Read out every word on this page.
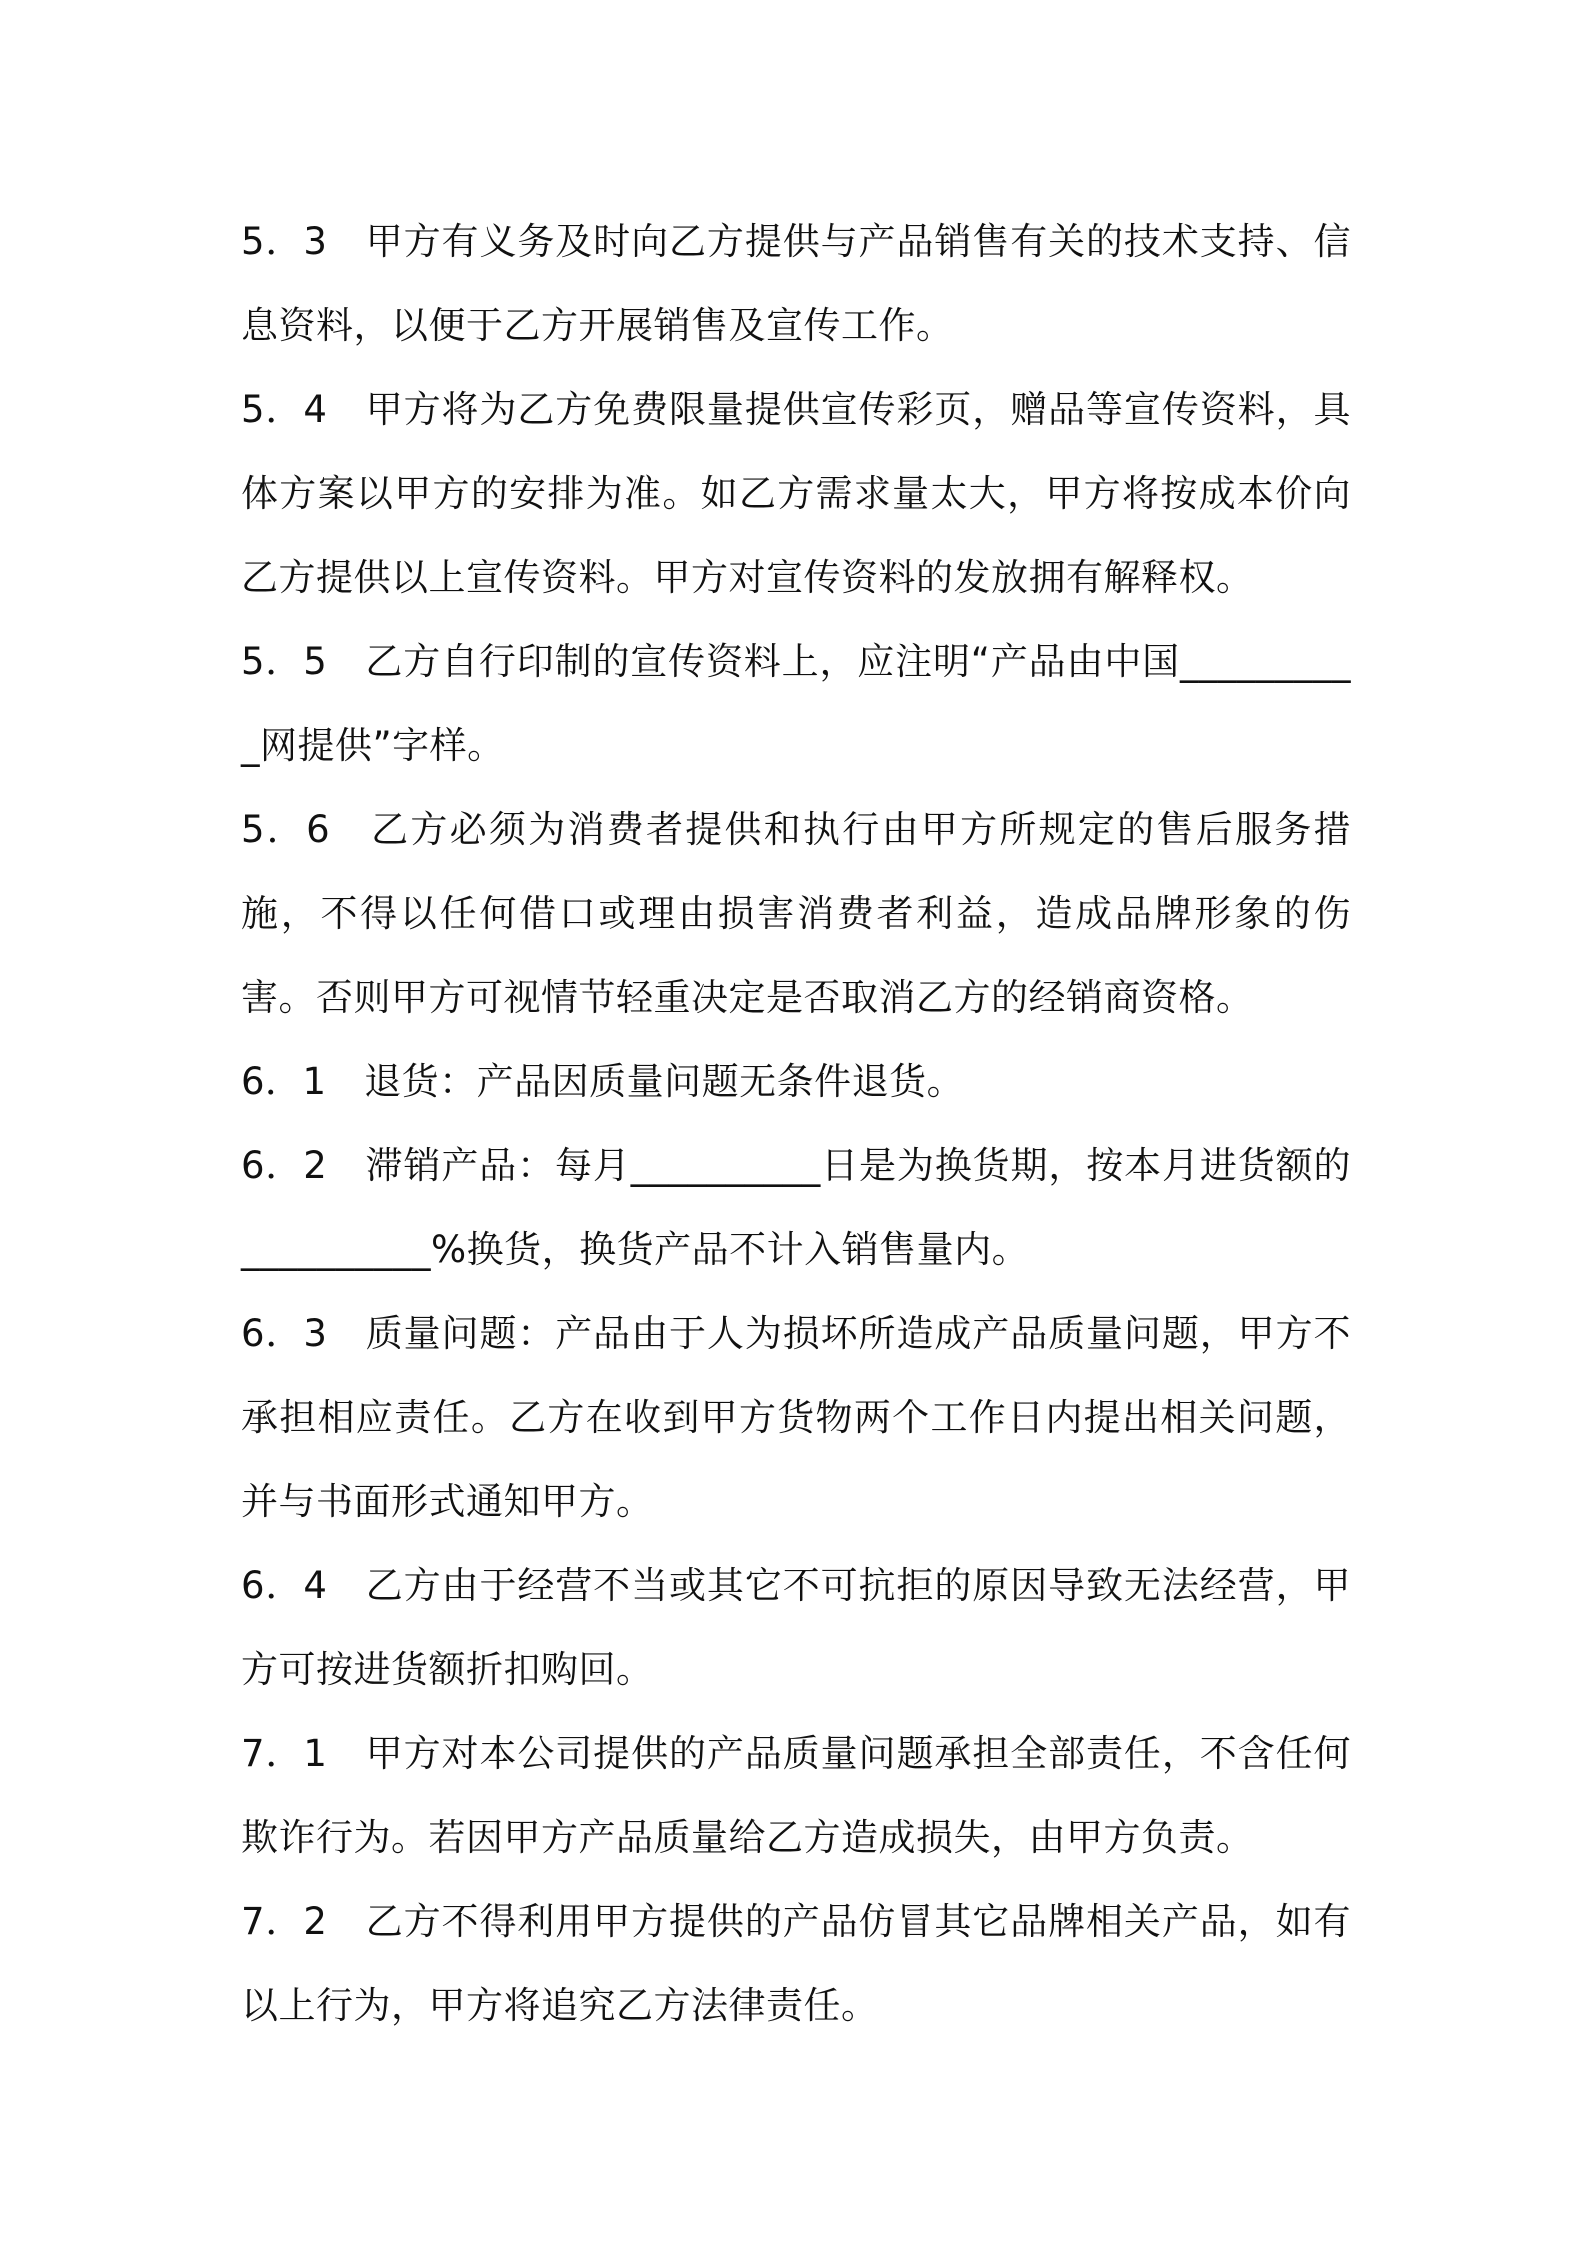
5．3　甲方有义务及时向乙方提供与产品销售有关的技术支持、信息资料，以便于乙方开展销售及宣传工作。

5．4　甲方将为乙方免费限量提供宣传彩页，赠品等宣传资料，具体方案以甲方的安排为准。如乙方需求量太大，甲方将按成本价向乙方提供以上宣传资料。甲方对宣传资料的发放拥有解释权。

5．5　乙方自行印制的宣传资料上，应注明“产品由中国__________网提供”字样。

5．6　乙方必须为消费者提供和执行由甲方所规定的售后服务措施，不得以任何借口或理由损害消费者利益，造成品牌形象的伤害。否则甲方可视情节轻重决定是否取消乙方的经销商资格。

6．1　退货：产品因质量问题无条件退货。

6．2　滞销产品：每月__________日是为换货期，按本月进货额的__________%换货，换货产品不计入销售量内。

6．3　质量问题：产品由于人为损坏所造成产品质量问题，甲方不承担相应责任。乙方在收到甲方货物两个工作日内提出相关问题，并与书面形式通知甲方。

6．4　乙方由于经营不当或其它不可抗拒的原因导致无法经营，甲方可按进货额折扣购回。

7．1　甲方对本公司提供的产品质量问题承担全部责任，不含任何欺诈行为。若因甲方产品质量给乙方造成损失，由甲方负责。

7．2　乙方不得利用甲方提供的产品仿冒其它品牌相关产品，如有以上行为，甲方将追究乙方法律责任。
